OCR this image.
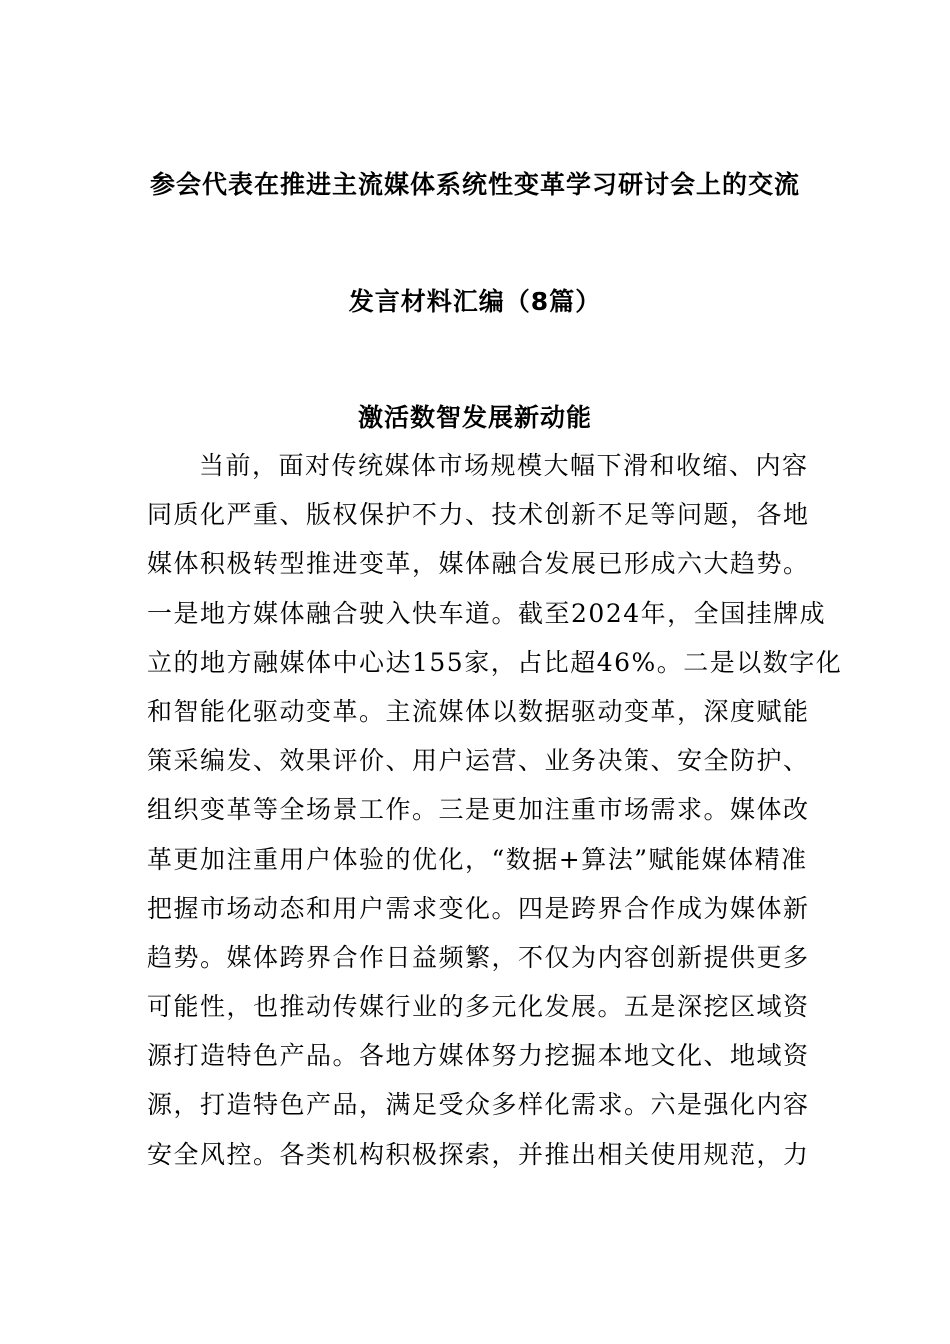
参会代表在推进主流媒体系统性变革学习研讨会上的交流
发言材料汇编（8篇）
激活数智发展新动能
当前，面对传统媒体市场规模大幅下滑和收缩、内容
同质化严重、版权保护不力、技术创新不足等问题，各地
媒体积极转型推进变革，媒体融合发展已形成六大趋势。
一是地方媒体融合驶入快车道。截至2024年，全国挂牌成
立的地方融媒体中心达155家，占比超46%。二是以数字化
和智能化驱动变革。主流媒体以数据驱动变革，深度赋能
策采编发、效果评价、用户运营、业务决策、安全防护、
组织变革等全场景工作。三是更加注重市场需求。媒体改
革更加注重用户体验的优化，“数据+算法”赋能媒体精准
把握市场动态和用户需求变化。四是跨界合作成为媒体新
趋势。媒体跨界合作日益频繁，不仅为内容创新提供更多
可能性，也推动传媒行业的多元化发展。五是深挖区域资
源打造特色产品。各地方媒体努力挖掘本地文化、地域资
源，打造特色产品，满足受众多样化需求。六是强化内容
安全风控。各类机构积极探索，并推出相关使用规范，力
